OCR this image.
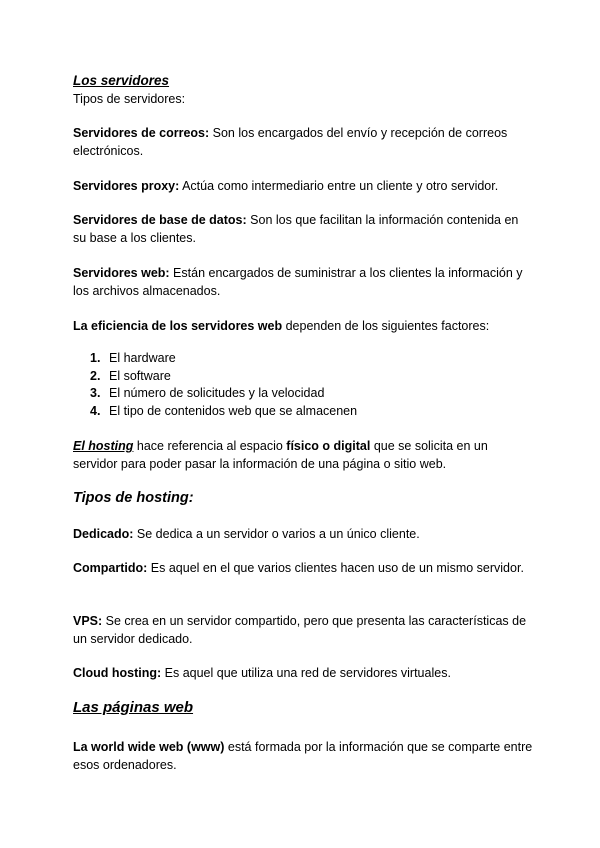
Los servidores
Tipos de servidores:
Servidores de correos: Son los encargados del envío y recepción de correos electrónicos.
Servidores proxy: Actúa como intermediario entre un cliente y otro servidor.
Servidores de base de datos: Son los que facilitan la información contenida en su base a los clientes.
Servidores web: Están encargados de suministrar a los clientes la información y los archivos almacenados.
La eficiencia de los servidores web dependen de los siguientes factores:
1. El hardware
2. El software
3. El número de solicitudes y la velocidad
4. El tipo de contenidos web que se almacenen
El hosting hace referencia al espacio físico o digital que se solicita en un servidor para poder pasar la información de una página o sitio web.
Tipos de hosting:
Dedicado: Se dedica a un servidor o varios a un único cliente.
Compartido: Es aquel en el que varios clientes hacen uso de un mismo servidor.
VPS: Se crea en un servidor compartido, pero que presenta las características de un servidor dedicado.
Cloud hosting: Es aquel que utiliza una red de servidores virtuales.
Las páginas web
La world wide web (www) está formada por la información que se comparte entre esos ordenadores.
